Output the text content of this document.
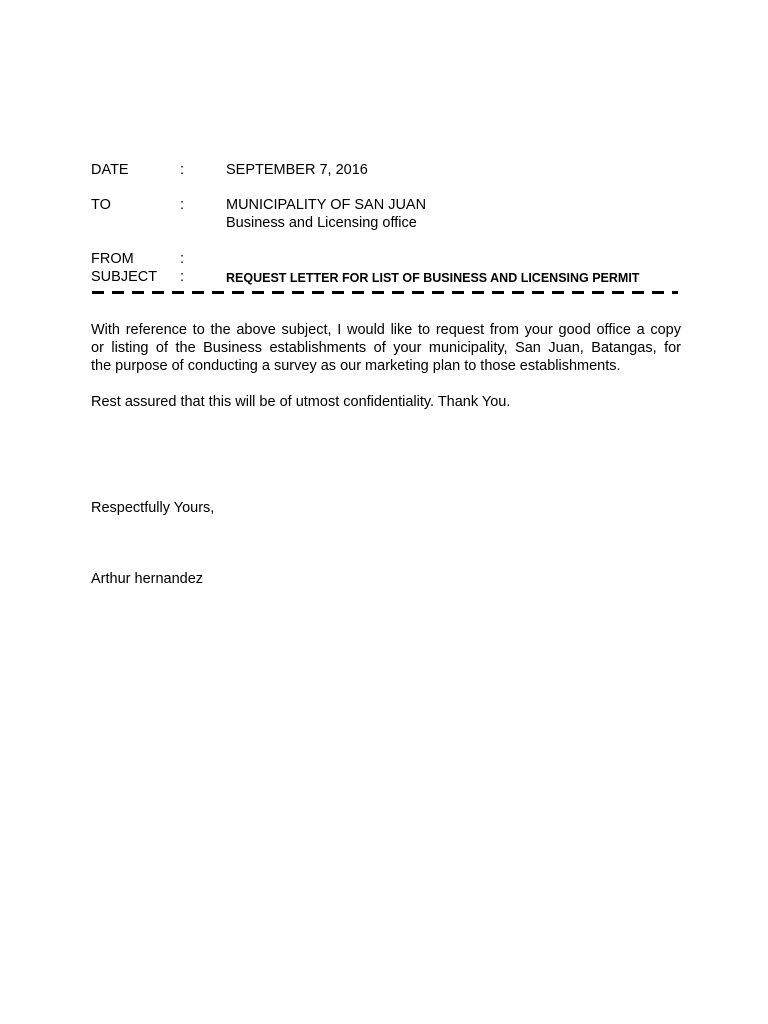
DATE	:	SEPTEMBER 7, 2016
TO	:	MUNICIPALITY OF SAN JUAN
Business and Licensing office
FROM	:
SUBJECT :	REQUEST LETTER FOR LIST OF BUSINESS AND LICENSING PERMIT
With reference to the above subject, I would like to request from your good office a copy
or listing of the Business establishments of your municipality, San Juan, Batangas, for
the purpose of conducting a survey as our marketing plan to those establishments.
Rest assured that this will be of utmost confidentiality. Thank You.
Respectfully Yours,
Arthur hernandez
